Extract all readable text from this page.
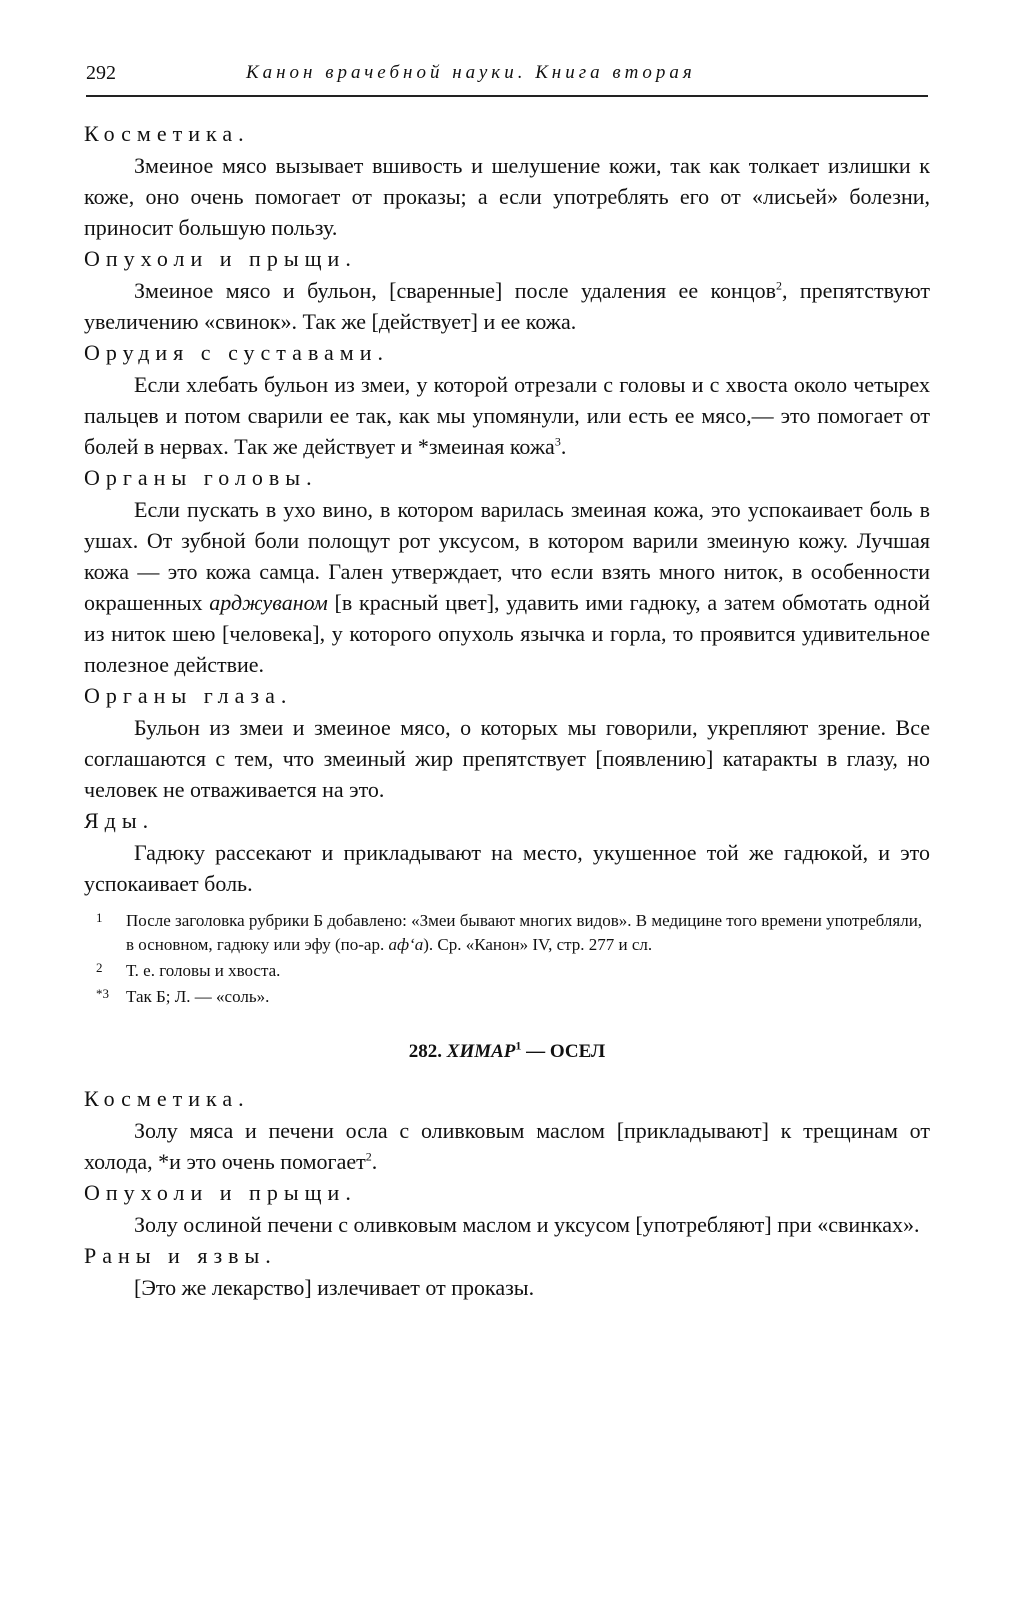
292	Канон врачебной науки. Книга вторая

Косметика.

Змеиное мясо вызывает вшивость и шелушение кожи, так как толкает излишки к коже, оно очень помогает от проказы; а если употреблять его от «лисьей» болезни, приносит большую пользу.

Опухоли и прыщи.

Змеиное мясо и бульон, [сваренные] после удаления ее концов$^2$, препятствуют увеличению «свинок». Так же [действует] и ее кожа.

Орудия с суставами.

Если хлебать бульон из змеи, у которой отрезали с головы и с хвоста около четырех пальцев и потом сварили ее так, как мы упомянули, или есть ее мясо,— это помогает от болей в нервах. Так же действует и *змеиная кожа$^3$.

Органы головы.

Если пускать в ухо вино, в котором варилась змеиная кожа, это успокаивает боль в ушах. От зубной боли полощут рот уксусом, в котором варили змеиную кожу. Лучшая кожа — это кожа самца. Гален утверждает, что если взять много ниток, в особенности окрашенных арджуваном [в красный цвет], удавить ими гадюку, а затем обмотать одной из ниток шею [человека], у которого опухоль язычка и горла, то проявится удивительное полезное действие.

Органы глаза.

Бульон из змеи и змеиное мясо, о которых мы говорили, укрепляют зрение. Все соглашаются с тем, что змеиный жир препятствует [появлению] катаракты в глазу, но человек не отваживается на это.

Яды.

Гадюку рассекают и прикладывают на место, укушенное той же гадюкой, и это успокаивает боль.

1 После заголовка рубрики Б добавлено: «Змеи бывают многих видов». В медицине того времени употребляли, в основном, гадюку или эфу (по-ар. аф‘а). Ср. «Канон» IV, стр. 277 и сл.

2 Т. е. головы и хвоста.

*3 Так Б; Л. — «соль».

282. ХИМАР$^1$ — ОСЕЛ

Косметика.

Золу мяса и печени осла с оливковым маслом [прикладывают] к трещинам от холода, *и это очень помогает$^2$.

Опухоли и прыщи.

Золу ослиной печени с оливковым маслом и уксусом [употребляют] при «свинках».

Раны и язвы.

[Это же лекарство] излечивает от проказы.
